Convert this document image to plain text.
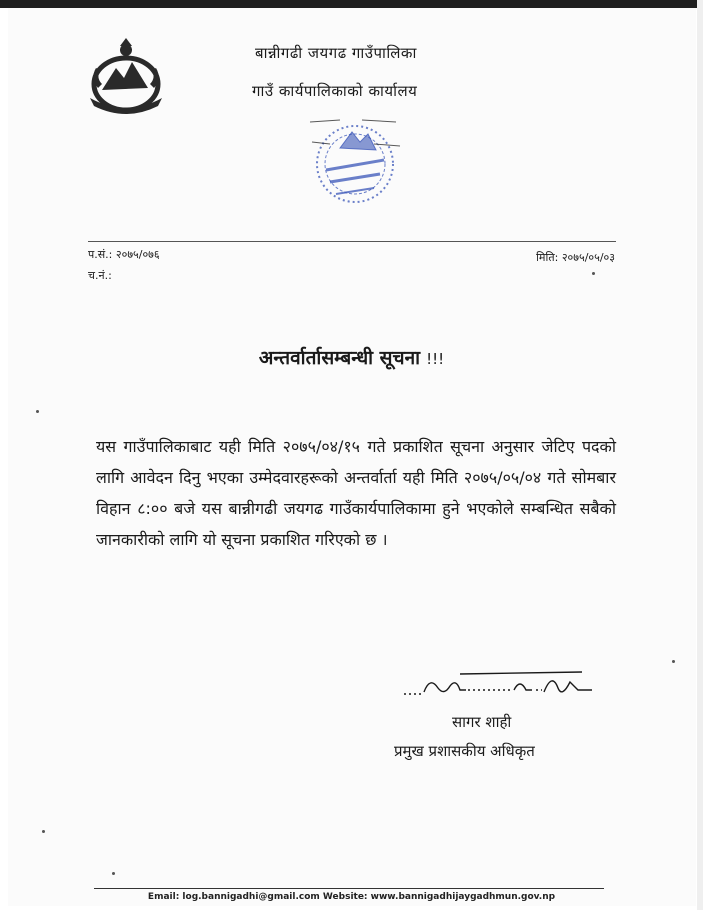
बान्नीगढी जयगढ गाउँपालिका
गाउँ कार्यपालिकाको कार्यालय
प.सं.: २०७५/०७६
च.नं.:
मिति: २०७५/०५/०३
अन्तर्वार्तासम्बन्धी सूचना !!!
यस गाउँपालिकाबाट यही मिति २०७५/०४/१५ गते प्रकाशित सूचना अनुसार जेटिए पदको लागि आवेदन दिनु भएका उम्मेदवारहरूको अन्तर्वार्ता यही मिति २०७५/०५/०४ गते सोमबार विहान ८:०० बजे यस बान्नीगढी जयगढ गाउँकार्यपालिकामा हुने भएकोले सम्बन्धित सबैको जानकारीको लागि यो सूचना प्रकाशित गरिएको छ ।
सागर शाही
प्रमुख प्रशासकीय अधिकृत
Email: log.bannigadhi@gmail.com Website: www.bannigadhijaygadhmun.gov.np
